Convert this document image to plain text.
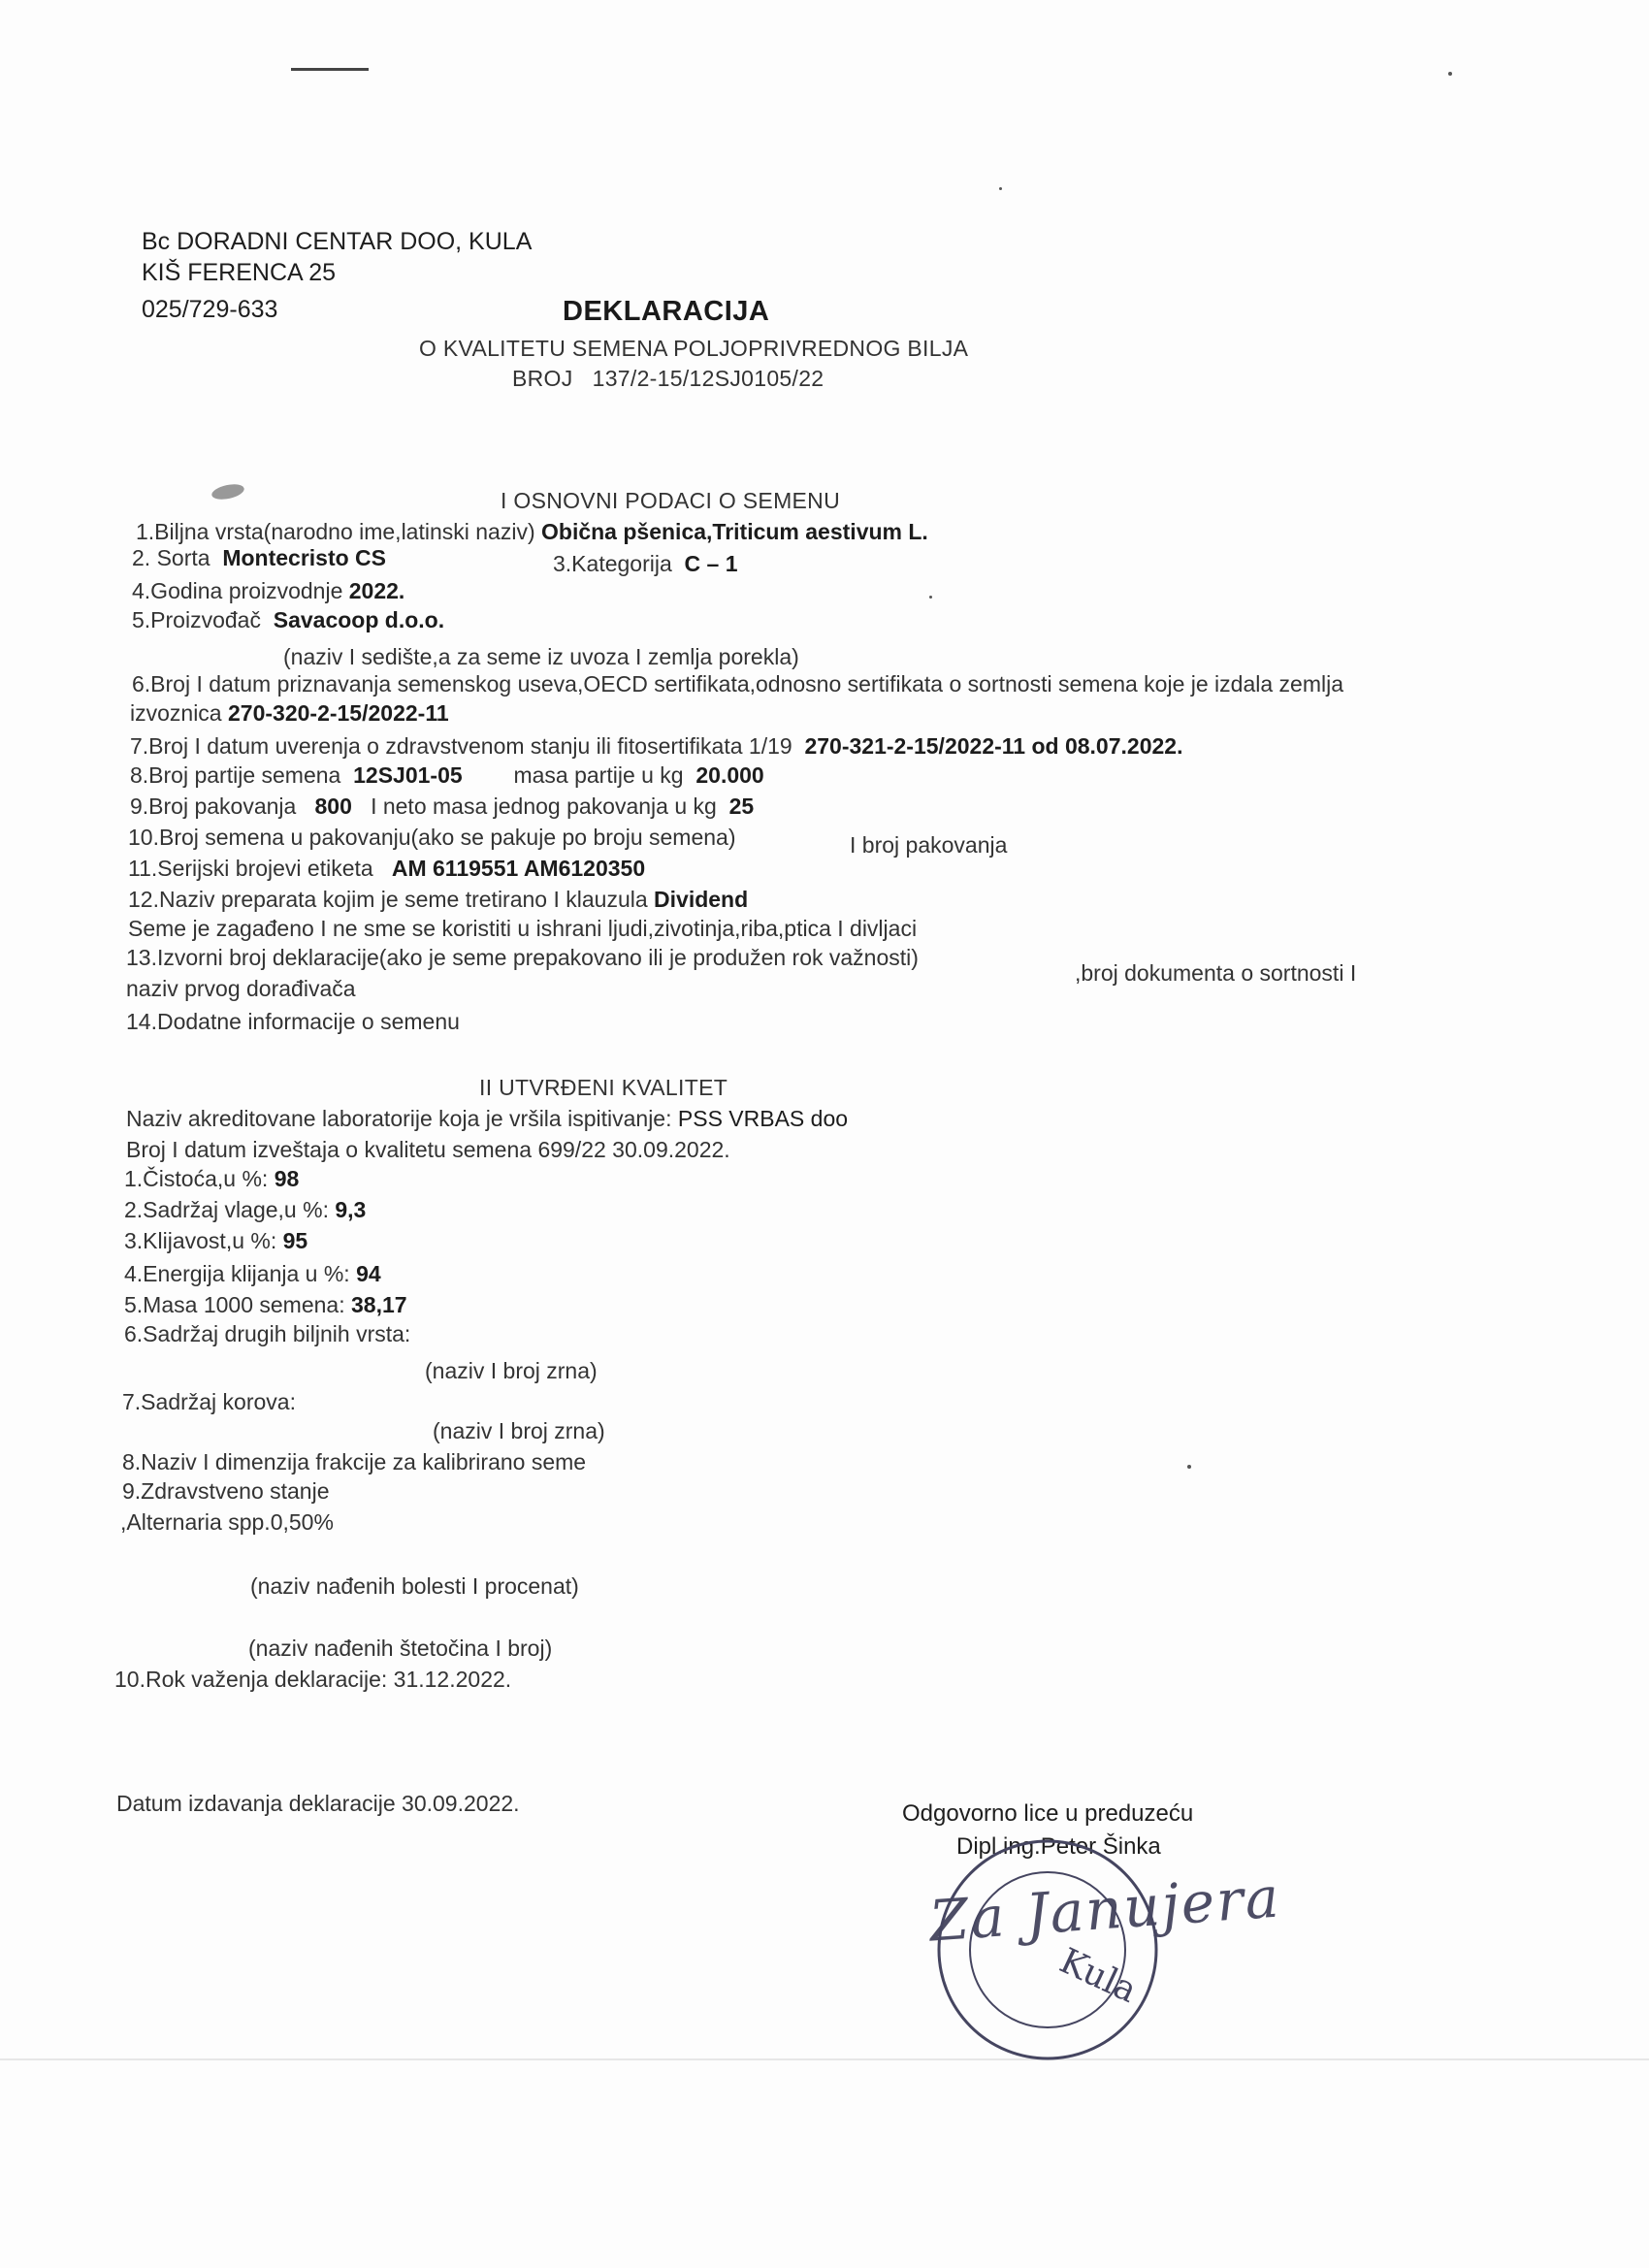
Bc DORADNI CENTAR DOO, KULA
KIŠ FERENCA 25
025/729-633	DEKLARACIJA
O KVALITETU SEMENA POLJOPRIVREDNOG BILJA
BROJ 137/2-15/12SJ0105/22
I OSNOVNI PODACI O SEMENU
1.Biljna vrsta(narodno ime,latinski naziv) Obična pšenica,Triticum aestivum L.
2. Sorta Montecristo CS	3.Kategorija C – 1
4.Godina proizvodnje 2022.
5.Proizvođač Savacoop d.o.o.
(naziv I sedište,a za seme iz uvoza I zemlja porekla)
6.Broj I datum priznavanja semenskog useva,OECD sertifikata,odnosno sertifikata o sortnosti semena koje je izdala zemlja
izvoznica 270-320-2-15/2022-11
7.Broj I datum uverenja o zdravstvenom stanju ili fitosertifikata 1/19 270-321-2-15/2022-11 od 08.07.2022.
8.Broj partije semena 12SJ01-05 masa partije u kg 20.000
9.Broj pakovanja 800 I neto masa jednog pakovanja u kg 25
10.Broj semena u pakovanju(ako se pakuje po broju semena)	I broj pakovanja
11.Serijski brojevi etiketa AM 6119551 AM6120350
12.Naziv preparata kojim je seme tretirano I klauzula Dividend
Seme je zagađeno I ne sme se koristiti u ishrani ljudi,zivotinja,riba,ptica I divljaci
13.Izvorni broj deklaracije(ako je seme prepakovano ili je produžen rok važnosti)
,broj dokumenta o sortnosti I
naziv prvog dorađivača
14.Dodatne informacije o semenu
II UTVRĐENI KVALITET
Naziv akreditovane laboratorije koja je vršila ispitivanje: PSS VRBAS doo
Broj I datum izveštaja o kvalitetu semena 699/22 30.09.2022.
1.Čistoća,u %: 98
2.Sadržaj vlage,u %: 9,3
3.Klijavost,u %: 95
4.Energija klijanja u %: 94
5.Masa 1000 semena: 38,17
6.Sadržaj drugih biljnih vrsta:
(naziv I broj zrna)
7.Sadržaj korova:
(naziv I broj zrna)
8.Naziv I dimenzija frakcije za kalibrirano seme
9.Zdravstveno stanje
,Alternaria spp.0,50%
(naziv nađenih bolesti I procenat)
(naziv nađenih štetočina I broj)
10.Rok važenja deklaracije: 31.12.2022.
Datum izdavanja deklaracije 30.09.2022.	Odgovorno lice u preduzeću
Dipl.ing.Peter Šinka
Za Janujera
Kula
